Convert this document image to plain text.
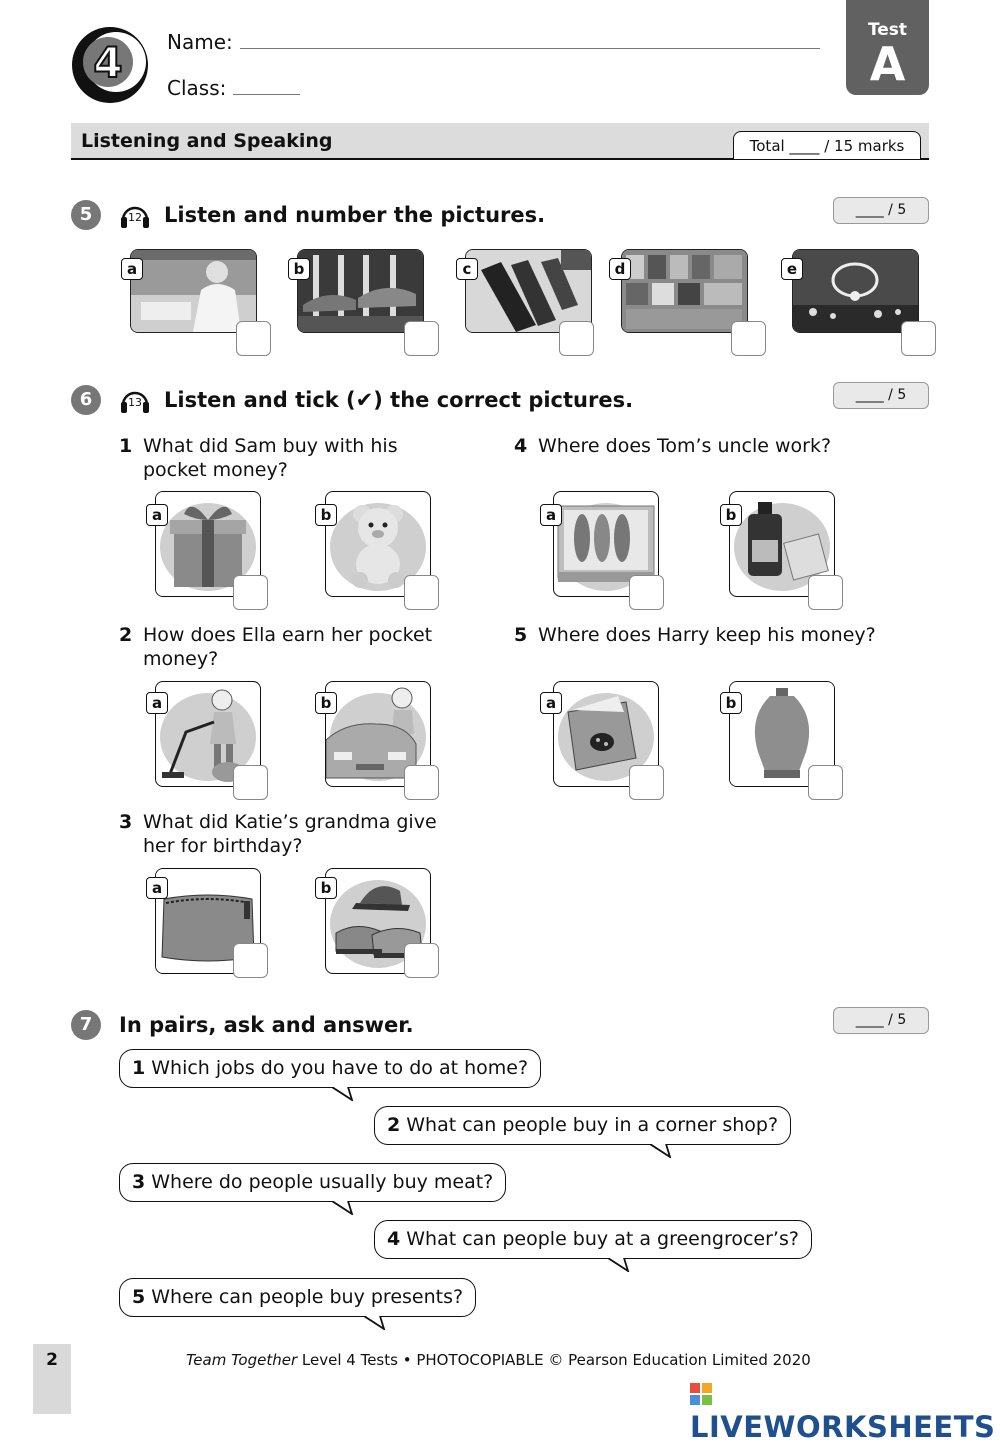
4 Name:
Class:
Test
A
Listening and Speaking	Total ____ / 15 marks
5	12 Listen and number the pictures.	____ / 5
a	b	c	d	e
6	13 Listen and tick (✔) the correct pictures.	____ / 5
1 What did Sam buy with his
pocket money?
a	b
4 Where does Tom’s uncle work?
a	b
2 How does Ella earn her pocket
money?
a	b
5 Where does Harry keep his money?
a	b
3 What did Katie’s grandma give
her for birthday?
a	b
7	In pairs, ask and answer.	____ / 5
1 Which jobs do you have to do at home?
2 What can people buy in a corner shop?
3 Where do people usually buy meat?
4 What can people buy at a greengrocer’s?
5 Where can people buy presents?
2	Team Together Level 4 Tests • PHOTOCOPIABLE © Pearson Education Limited 2020
LIVEWORKSHEETS
